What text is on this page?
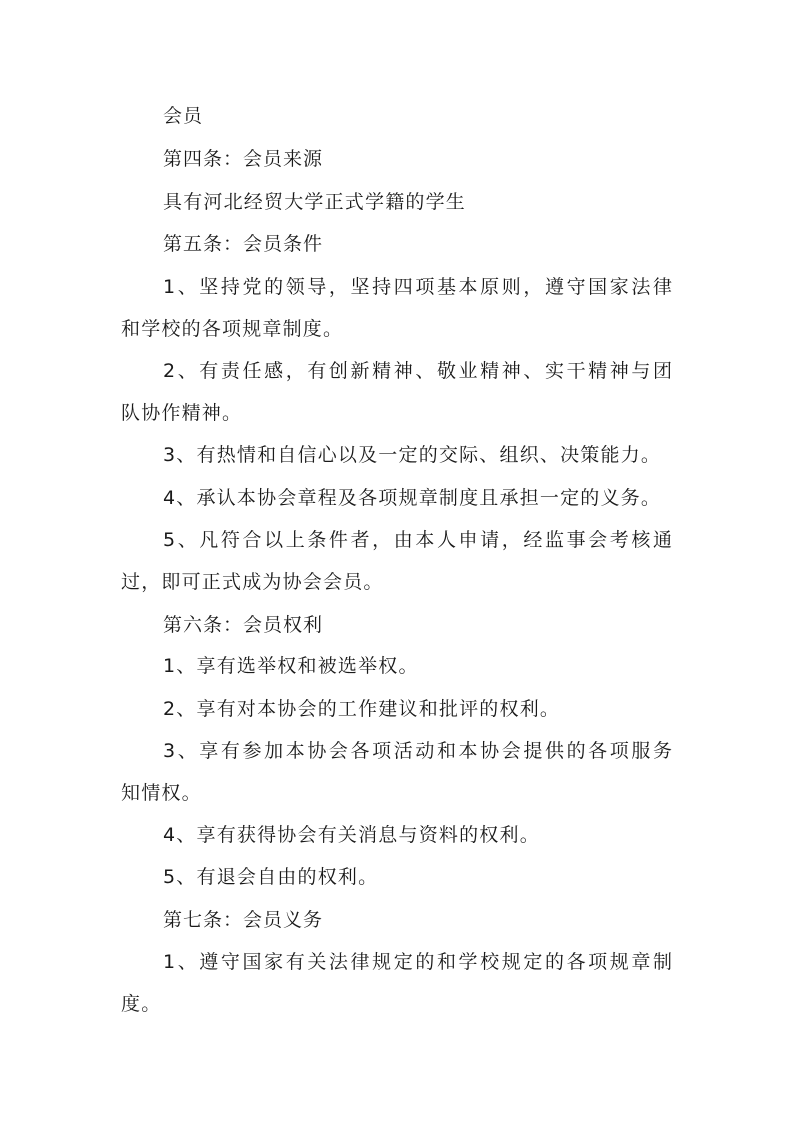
会员
第四条：会员来源
具有河北经贸大学正式学籍的学生
第五条：会员条件
1、坚持党的领导，坚持四项基本原则，遵守国家法律
和学校的各项规章制度。
2、有责任感，有创新精神、敬业精神、实干精神与团
队协作精神。
3、有热情和自信心以及一定的交际、组织、决策能力。
4、承认本协会章程及各项规章制度且承担一定的义务。
5、凡符合以上条件者，由本人申请，经监事会考核通
过，即可正式成为协会会员。
第六条：会员权利
1、享有选举权和被选举权。
2、享有对本协会的工作建议和批评的权利。
3、享有参加本协会各项活动和本协会提供的各项服务
知情权。
4、享有获得协会有关消息与资料的权利。
5、有退会自由的权利。
第七条：会员义务
1、遵守国家有关法律规定的和学校规定的各项规章制
度。
